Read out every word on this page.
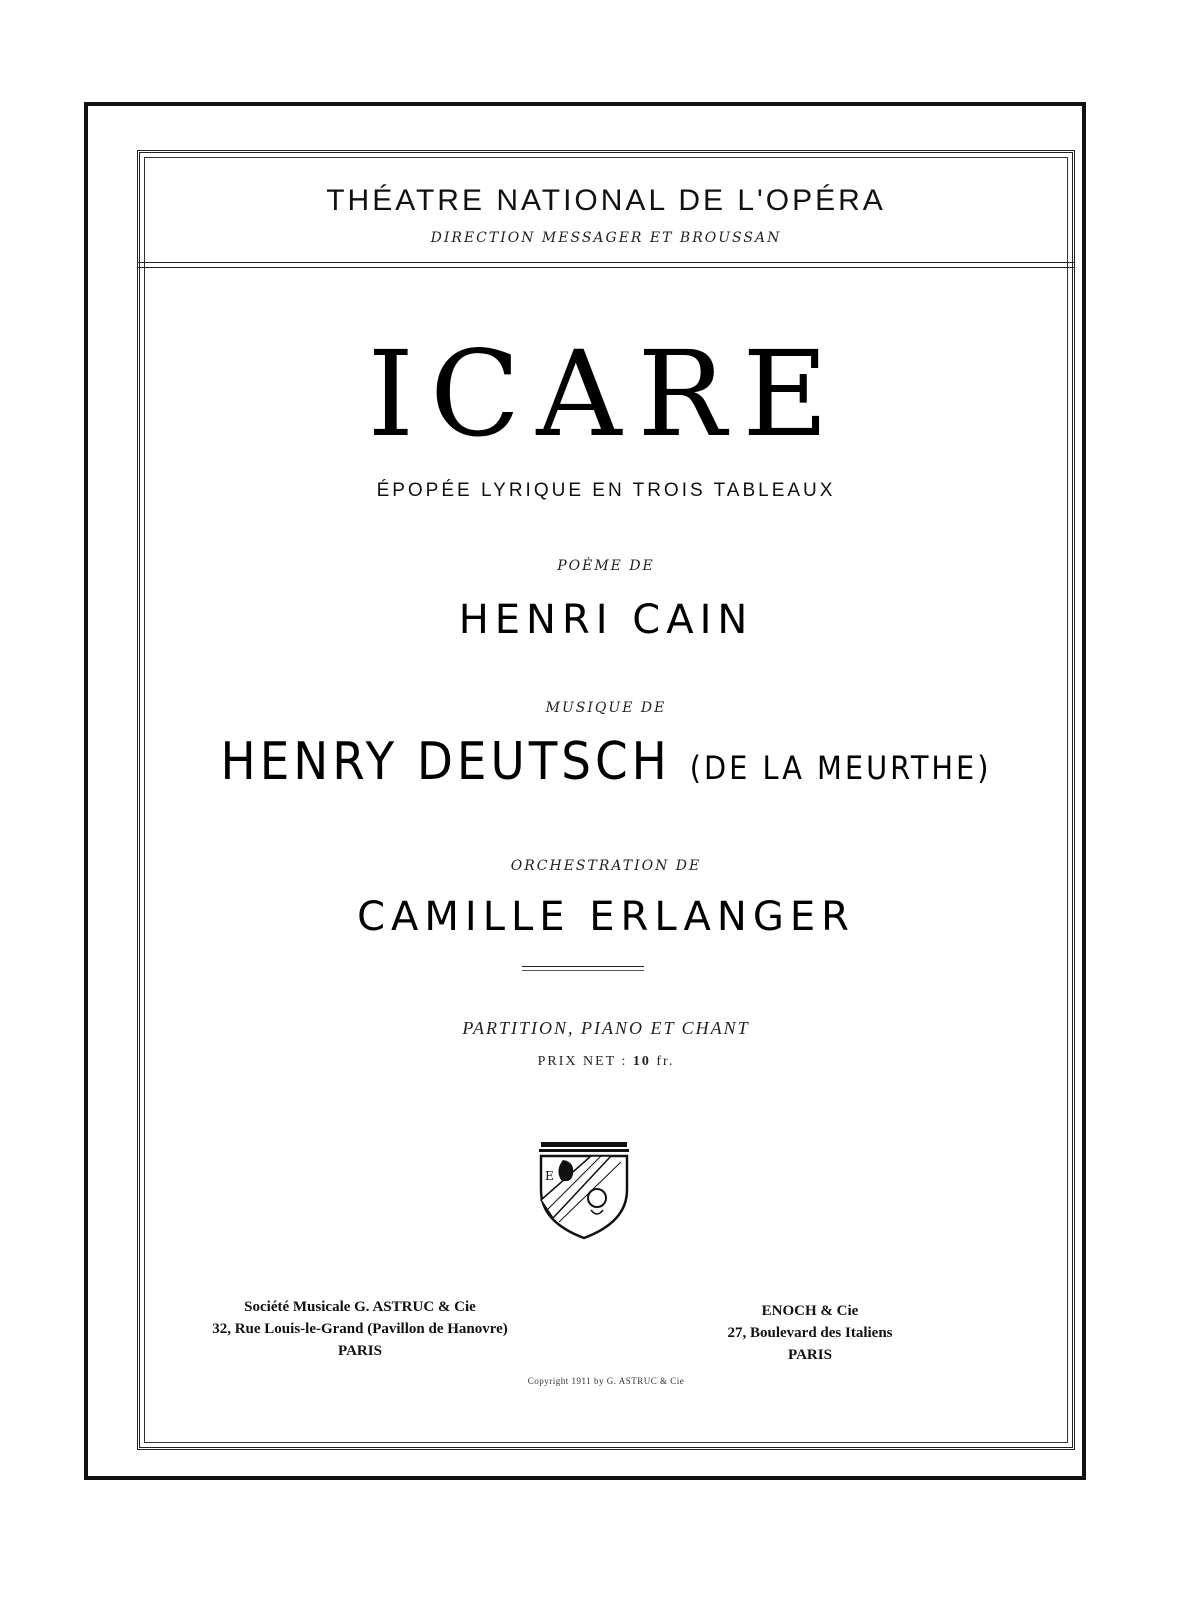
THÉATRE NATIONAL DE L'OPÉRA
DIRECTION MESSAGER ET BROUSSAN
ICARE
ÉPOPÉE LYRIQUE EN TROIS TABLEAUX
POÈME DE
HENRI CAIN
MUSIQUE DE
HENRY DEUTSCH (DE LA MEURTHE)
ORCHESTRATION DE
CAMILLE ERLANGER
PARTITION, PIANO ET CHANT
PRIX NET : 10 fr.
E
Société Musicale G. ASTRUC & Cie
32, Rue Louis-le-Grand (Pavillon de Hanovre)
PARIS
ENOCH & Cie
27, Boulevard des Italiens
PARIS
Copyright 1911 by G. ASTRUC & Cie
